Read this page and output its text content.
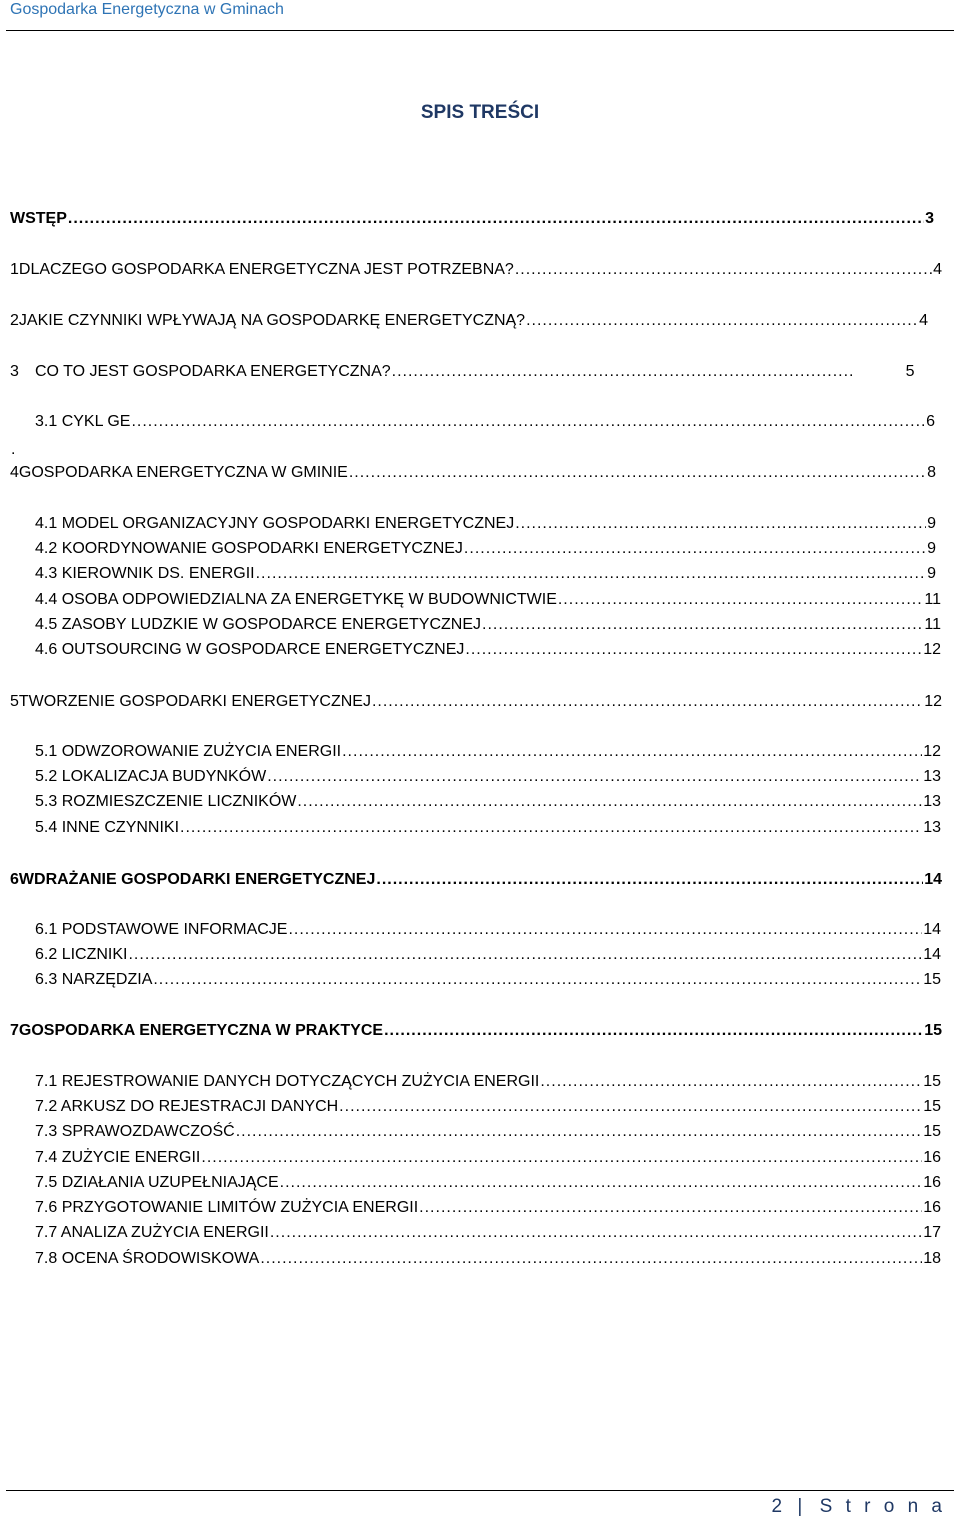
Gospodarka Energetyczna w Gminach
SPIS TREŚCI
WSTĘP .....	3
1 DLACZEGO GOSPODARKA ENERGETYCZNA JEST POTRZEBNA? .....	4
2 JAKIE CZYNNIKI WPŁYWAJĄ NA GOSPODARKĘ ENERGETYCZNĄ? .....	4
3	CO TO JEST GOSPODARKA ENERGETYCZNA? .....	5
3.1 CYKL GE .....	6
.
4 GOSPODARKA ENERGETYCZNA W GMINIE .....	8
4.1 MODEL ORGANIZACYJNY GOSPODARKI ENERGETYCZNEJ .....	9
4.2 KOORDYNOWANIE GOSPODARKI ENERGETYCZNEJ .....	9
4.3 KIEROWNIK DS. ENERGII .....	9
4.4 OSOBA ODPOWIEDZIALNA ZA ENERGETYKĘ W BUDOWNICTWIE .....	11
4.5 ZASOBY LUDZKIE W GOSPODARCE ENERGETYCZNEJ .....	11
4.6 OUTSOURCING W GOSPODARCE ENERGETYCZNEJ .....	12
5 TWORZENIE GOSPODARKI ENERGETYCZNEJ .....	12
5.1 ODWZOROWANIE ZUŻYCIA ENERGII .....	12
5.2 LOKALIZACJA BUDYNKÓW .....	13
5.3 ROZMIESZCZENIE LICZNIKÓW .....	13
5.4 INNE CZYNNIKI .....	13
6 WDRAŻANIE GOSPODARKI ENERGETYCZNEJ .....	14
6.1 PODSTAWOWE INFORMACJE .....	14
6.2 LICZNIKI .....	14
6.3 NARZĘDZIA .....	15
7 GOSPODARKA ENERGETYCZNA W PRAKTYCE .....	15
7.1 REJESTROWANIE DANYCH DOTYCZĄCYCH ZUŻYCIA ENERGII .....	15
7.2 ARKUSZ DO REJESTRACJI DANYCH .....	15
7.3 SPRAWOZDAWCZOŚĆ .....	15
7.4 ZUŻYCIE ENERGII .....	16
7.5 DZIAŁANIA UZUPEŁNIAJĄCE .....	16
7.6 PRZYGOTOWANIE LIMITÓW ZUŻYCIA ENERGII .....	16
7.7 ANALIZA ZUŻYCIA ENERGII .....	17
7.8 OCENA ŚRODOWISKOWA .....	18
2 | S t r o n a
